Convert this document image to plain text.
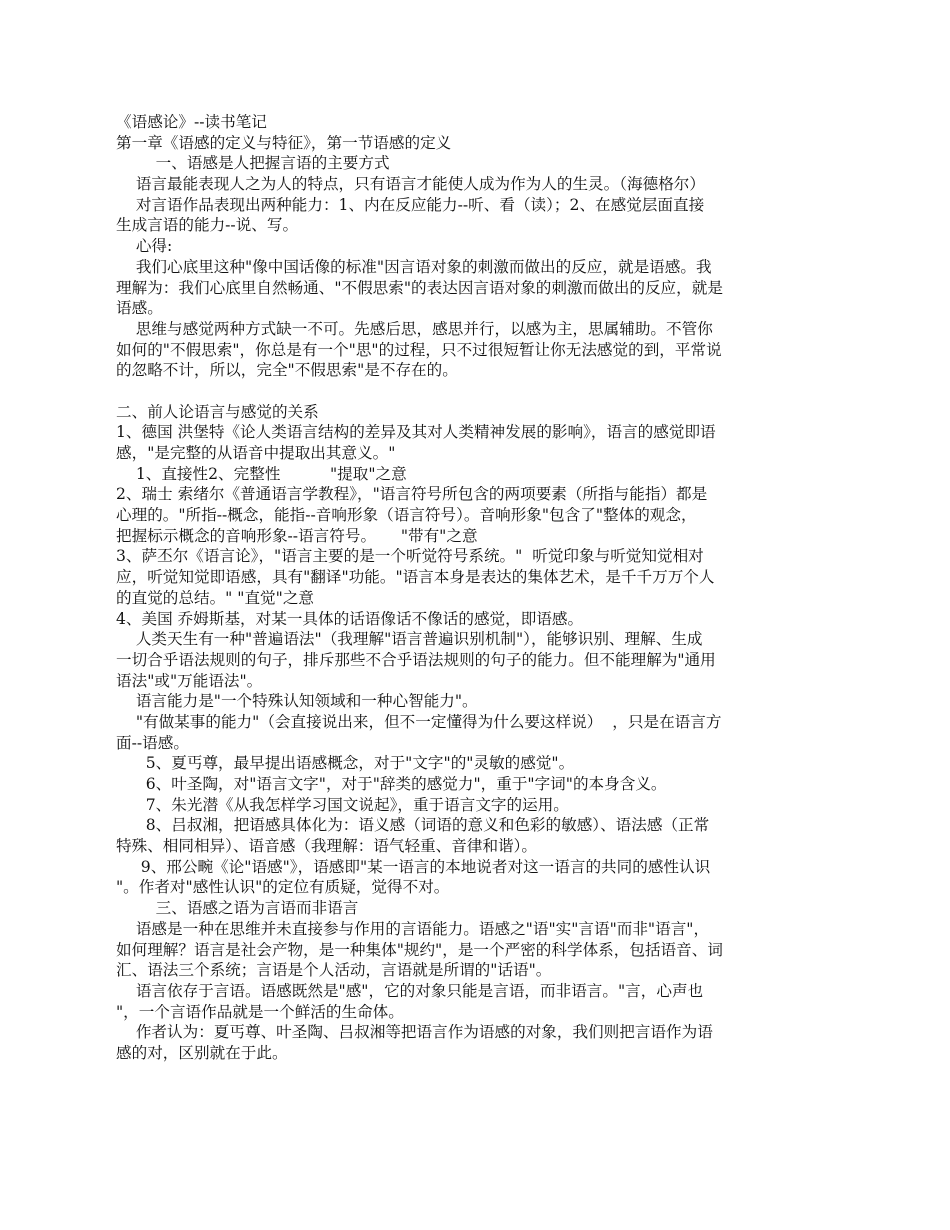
《语感论》--读书笔记
第一章《语感的定义与特征》，第一节语感的定义
一、语感是人把握言语的主要方式
语言最能表现人之为人的特点，只有语言才能使人成为作为人的生灵。（海德格尔）
对言语作品表现出两种能力：1、内在反应能力--听、看（读）；2、在感觉层面直接
生成言语的能力--说、写。
心得:
我们心底里这种"像中国话像的标准"因言语对象的刺激而做出的反应，就是语感。我
理解为：我们心底里自然畅通、"不假思索"的表达因言语对象的刺激而做出的反应，就是
语感。
思维与感觉两种方式缺一不可。先感后思，感思并行，以感为主，思属辅助。不管你
如何的"不假思索"，你总是有一个"思"的过程，只不过很短暂让你无法感觉的到，平常说
的忽略不计，所以，完全"不假思索"是不存在的。
二、前人论语言与感觉的关系
1、德国 洪堡特《论人类语言结构的差异及其对人类精神发展的影响》，语言的感觉即语
感，"是完整的从语音中提取出其意义。"
1、直接性2、完整性          "提取"之意
2、瑞士 索绪尔《普通语言学教程》，"语言符号所包含的两项要素（所指与能指）都是
心理的。"所指--概念，能指--音响形象（语言符号）。音响形象"包含了"整体的观念，
把握标示概念的音响形象--语言符号。     "带有"之意
3、萨丕尔《语言论》，"语言主要的是一个听觉符号系统。"  听觉印象与听觉知觉相对
应，听觉知觉即语感，具有"翻译"功能。"语言本身是表达的集体艺术，是千千万万个人
的直觉的总结。" "直觉"之意
4、美国 乔姆斯基，对某一具体的话语像话不像话的感觉，即语感。
人类天生有一种"普遍语法"（我理解"语言普遍识别机制"），能够识别、理解、生成
一切合乎语法规则的句子，排斥那些不合乎语法规则的句子的能力。但不能理解为"通用
语法"或"万能语法"。
语言能力是"一个特殊认知领域和一种心智能力"。
"有做某事的能力"（会直接说出来，但不一定懂得为什么要这样说）  ，只是在语言方
面--语感。
5、夏丐尊，最早提出语感概念，对于"文字"的"灵敏的感觉"。
6、叶圣陶，对"语言文字"，对于"辞类的感觉力"，重于"字词"的本身含义。
7、朱光潜《从我怎样学习国文说起》，重于语言文字的运用。
8、吕叔湘，把语感具体化为：语义感（词语的意义和色彩的敏感）、语法感（正常
特殊、相同相异）、语音感（我理解：语气轻重、音律和谐）。
9、邢公畹《论"语感"》，语感即"某一语言的本地说者对这一语言的共同的感性认识
"。作者对"感性认识"的定位有质疑，觉得不对。
三、语感之语为言语而非语言
语感是一种在思维并未直接参与作用的言语能力。语感之"语"实"言语"而非"语言"，
如何理解？语言是社会产物，是一种集体"规约"，是一个严密的科学体系，包括语音、词
汇、语法三个系统；言语是个人活动，言语就是所谓的"话语"。
语言依存于言语。语感既然是"感"，它的对象只能是言语，而非语言。"言，心声也
"，一个言语作品就是一个鲜活的生命体。
作者认为：夏丐尊、叶圣陶、吕叔湘等把语言作为语感的对象，我们则把言语作为语
感的对，区别就在于此。
